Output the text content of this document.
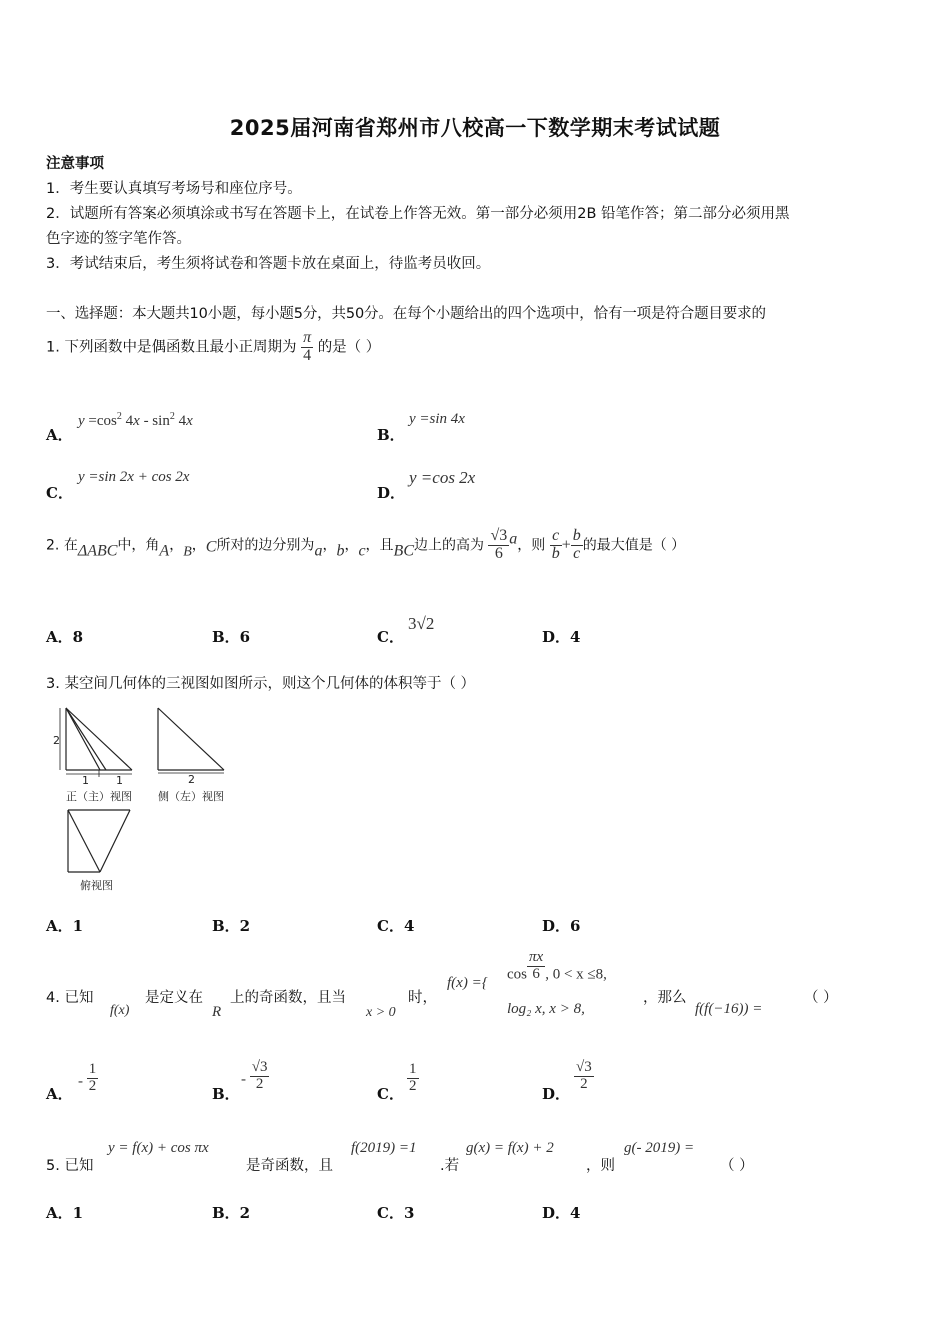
2025届河南省郑州市八校高一下数学期末考试试题
注意事项
1．考生要认真填写考场号和座位序号。
2．试题所有答案必须填涂或书写在答题卡上，在试卷上作答无效。第一部分必须用2B 铅笔作答；第二部分必须用黑
色字迹的签字笔作答。
3．考试结束后，考生须将试卷和答题卡放在桌面上，待监考员收回。
一、选择题：本大题共10小题，每小题5分，共50分。在每个小题给出的四个选项中，恰有一项是符合题目要求的
1. 下列函数中是偶函数且最小正周期为 $\frac{\pi}{4}$ 的是（ ）
A．
$y =\cos^2$ $4x - \sin^2 4x$
B．
y =sin 4x
C．
y =sin 2x + cos 2x
D．
y =cos 2x
2. 在ΔABC中，角A，B，C所对的边分别为a，b，c，且BC边上的高为 $\frac{√3}{6}$ a，则 $\frac{c}{b} + \frac{b}{c}$ 的最大值是（ ）
A．8	B．6	C．
3√2
D．4
3. 某空间几何体的三视图如图所示，则这个几何体的体积等于（ ）
2
1 1
正（主）视图
2
侧（左）视图
俯视图
A．1	B．2	C．4	D．6
4. 已知
f(x)
是定义在
R
上的奇函数，且当
x > 0
时，
f(x) ={
$\cos \frac{\pi x}{6}$ , 0 < x ≤8,
log₂ x, x > 8,
，那么
f(f(−16)) =
（ ）
A．
- $\frac{1}{2}$	B．
- $\frac{√3}{2}$
C． $\frac{1}{2}$	D．
$\frac{√3}{2}$
5. 已知
y = f(x) + cos πx
是奇函数，且
f(2019) =1
.若
g(x) = f(x) + 2
，则
g(- 2019) =
（ ）
A．1	B．2	C．3	D．4
